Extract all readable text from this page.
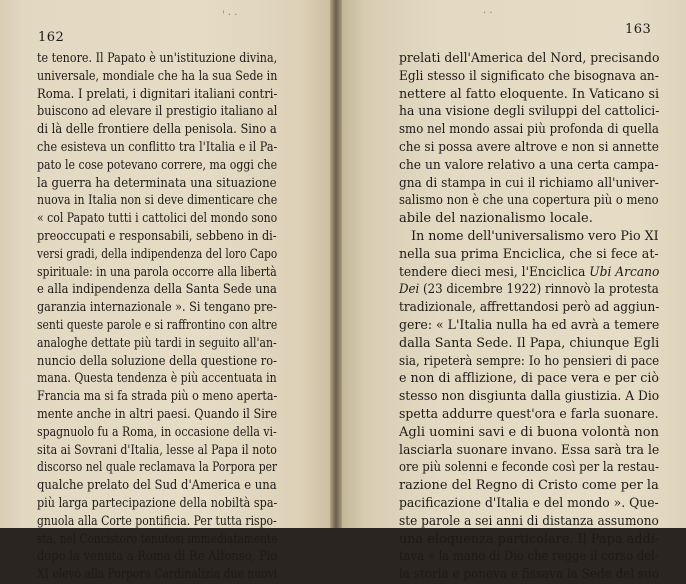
' · ·
162
te tenore. Il Papato è un'istituzione divina,
universale, mondiale che ha la sua Sede in
Roma. I prelati, i dignitari italiani contri-
buiscono ad elevare il prestigio italiano al
di là delle frontiere della penisola. Sino a
che esisteva un conflitto tra l'Italia e il Pa-
pato le cose potevano correre, ma oggi che
la guerra ha determinata una situazione
nuova in Italia non si deve dimenticare che
« col Papato tutti i cattolici del mondo sono
preoccupati e responsabili, sebbeno in di-
versi gradi, della indipendenza del loro Capo
spirituale: in una parola occorre alla libertà
e alla indipendenza della Santa Sede una
garanzia internazionale ». Si tengano pre-
senti queste parole e si raffrontino con altre
analoghe dettate più tardi in seguito all'an-
nuncio della soluzione della questione ro-
mana. Questa tendenza è più accentuata in
Francia ma si fa strada più o meno aperta-
mente anche in altri paesi. Quando il Sire
spagnuolo fu a Roma, in occasione della vi-
sita ai Sovrani d'Italia, lesse al Papa il noto
discorso nel quale reclamava la Porpora per
qualche prelato del Sud d'America e una
più larga partecipazione della nobiltà spa-
gnuola alla Corte pontificia. Per tutta rispo-
sta, nel Concistoro tenutosi immediatamente
dopo la venuta a Roma di Re Alfonso, Pio
XI elevò alla Porpora Cardinalizia due nuovi
· ·
prelati dell'America del Nord, precisando
Egli stesso il significato che bisognava an-
nettere al fatto eloquente. In Vaticano si
ha una visione degli sviluppi del cattolici-
smo nel mondo assai più profonda di quella
che si possa avere altrove e non si annette
che un valore relativo a una certa campa-
gna di stampa in cui il richiamo all'univer-
salismo non è che una copertura più o meno
abile del nazionalismo locale.
In nome dell'universalismo vero Pio XI
nella sua prima Enciclica, che si fece at-
tendere dieci mesi, l'Enciclica Ubi Arcano
Dei (23 dicembre 1922) rinnovò la protesta
tradizionale, affrettandosi però ad aggiun-
gere: « L'Italia nulla ha ed avrà a temere
dalla Santa Sede. Il Papa, chiunque Egli
sia, ripeterà sempre: Io ho pensieri di pace
e non di afflizione, di pace vera e per ciò
stesso non disgiunta dalla giustizia. A Dio
spetta addurre quest'ora e farla suonare.
Agli uomini savi e di buona volontà non
lasciarla suonare invano. Essa sarà tra le
ore più solenni e feconde così per la restau-
razione del Regno di Cristo come per la
pacificazione d'Italia e del mondo ». Que-
ste parole a sei anni di distanza assumono
una eloquenza particolare. Il Papa addi-
tava « la mano di Dio che regge il corso del-
la storia e poneva e fissava la Sede del suo
163
